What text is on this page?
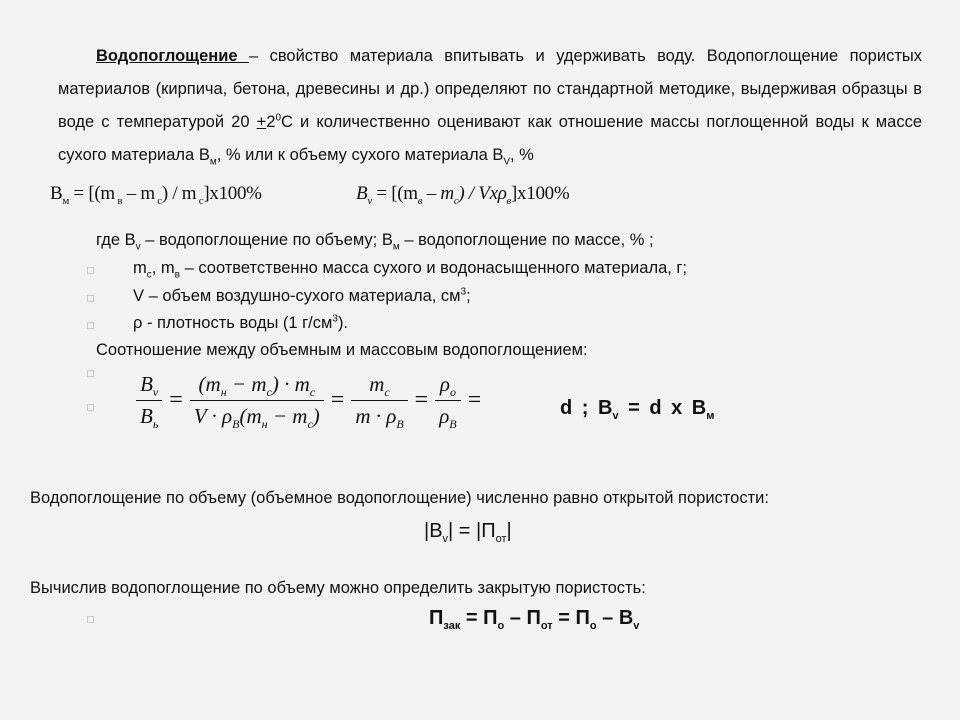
Водопоглощение – свойство материала впитывать и удерживать воду. Водопоглощение пористых материалов (кирпича, бетона, древесины и др.) определяют по стандартной методике, выдерживая образцы в воде с температурой $20 +2^0С$ и количественно оценивают как отношение массы поглощенной воды к массе сухого материала $В_м$, % или к объему сухого материала $В_V$, %
$В_м = [(m$ $_в$ – m $_с$) / m $_с$]x100%	$В_v = [(m_в - m_с) / Vx\rho_в]x100\%$
где $В_v$ – водопоглощение по объему; $В_м$ – водопоглощение по массе, % ;
$m_c$, $m_в$ – соответственно масса сухого и водонасыщенного материала, г;
V – объем воздушно-сухого материала, $см^3$;
ρ - плотность воды (1 $г/см^3$).
Соотношение между объемным и массовым водопоглощением:
$\frac{B_v}{B_ь} = \frac{(m_н - m_c) \cdot m_c}{V \cdot \rho_B(m_н - m_c)} = \frac{m_c}{m \cdot \rho_B} = \frac{\rho_o}{\rho_B}$ =	d ; $B_v = d$ x $B_м$
Водопоглощение по объему (объемное водопоглощение) численно равно открытой пористости:
$|B_v| = |П_{от}|$
Вычислив водопоглощение по объему можно определить закрытую пористость:
$П_{зак} = П_о - П_{от} = П_о - B_v$
